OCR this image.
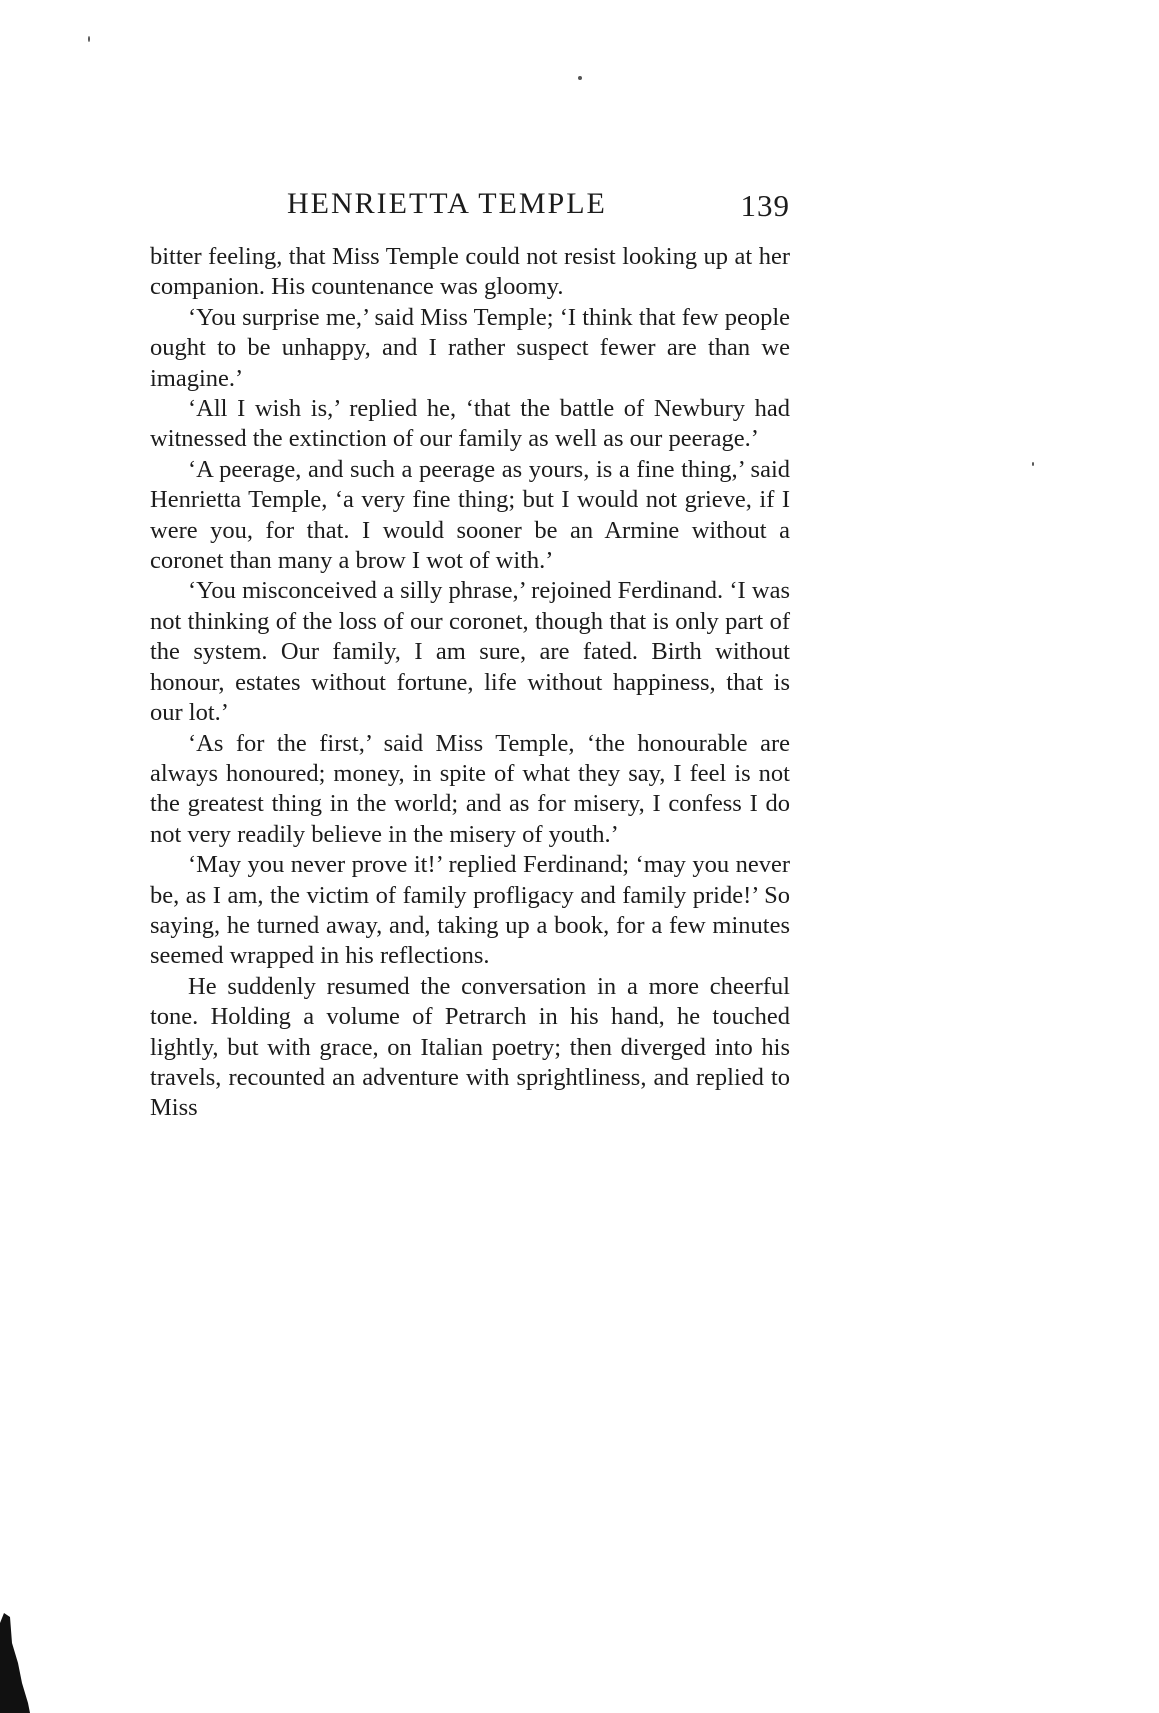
HENRIETTA TEMPLE	139

bitter feeling, that Miss Temple could not resist looking up at her companion. His countenance was gloomy.

‘You surprise me,’ said Miss Temple; ‘I think that few people ought to be unhappy, and I rather suspect fewer are than we imagine.’

‘All I wish is,’ replied he, ‘that the battle of Newbury had witnessed the extinction of our family as well as our peerage.’

‘A peerage, and such a peerage as yours, is a fine thing,’ said Henrietta Temple, ‘a very fine thing; but I would not grieve, if I were you, for that. I would sooner be an Armine without a coronet than many a brow I wot of with.’

‘You misconceived a silly phrase,’ rejoined Ferdinand. ‘I was not thinking of the loss of our coronet, though that is only part of the system. Our family, I am sure, are fated. Birth without honour, estates without fortune, life without happiness, that is our lot.’

‘As for the first,’ said Miss Temple, ‘the honourable are always honoured; money, in spite of what they say, I feel is not the greatest thing in the world; and as for misery, I confess I do not very readily believe in the misery of youth.’

‘May you never prove it!’ replied Ferdinand; ‘may you never be, as I am, the victim of family profligacy and family pride!’ So saying, he turned away, and, taking up a book, for a few minutes seemed wrapped in his reflections.

He suddenly resumed the conversation in a more cheerful tone. Holding a volume of Petrarch in his hand, he touched lightly, but with grace, on Italian poetry; then diverged into his travels, recounted an adventure with sprightliness, and replied to Miss
